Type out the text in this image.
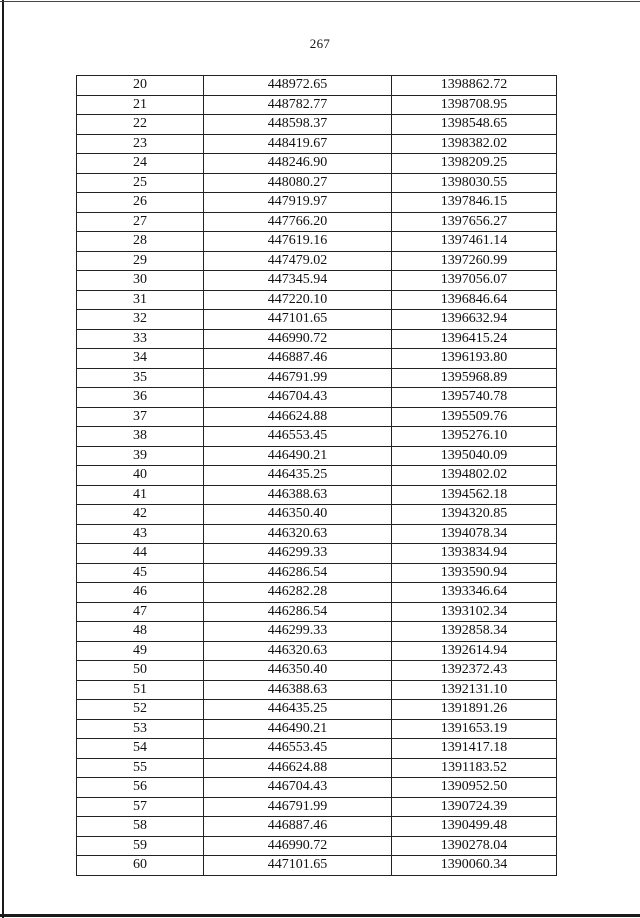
267
20	448972.65	1398862.72
21	448782.77	1398708.95
22	448598.37	1398548.65
23	448419.67	1398382.02
24	448246.90	1398209.25
25	448080.27	1398030.55
26	447919.97	1397846.15
27	447766.20	1397656.27
28	447619.16	1397461.14
29	447479.02	1397260.99
30	447345.94	1397056.07
31	447220.10	1396846.64
32	447101.65	1396632.94
33	446990.72	1396415.24
34	446887.46	1396193.80
35	446791.99	1395968.89
36	446704.43	1395740.78
37	446624.88	1395509.76
38	446553.45	1395276.10
39	446490.21	1395040.09
40	446435.25	1394802.02
41	446388.63	1394562.18
42	446350.40	1394320.85
43	446320.63	1394078.34
44	446299.33	1393834.94
45	446286.54	1393590.94
46	446282.28	1393346.64
47	446286.54	1393102.34
48	446299.33	1392858.34
49	446320.63	1392614.94
50	446350.40	1392372.43
51	446388.63	1392131.10
52	446435.25	1391891.26
53	446490.21	1391653.19
54	446553.45	1391417.18
55	446624.88	1391183.52
56	446704.43	1390952.50
57	446791.99	1390724.39
58	446887.46	1390499.48
59	446990.72	1390278.04
60	447101.65	1390060.34
